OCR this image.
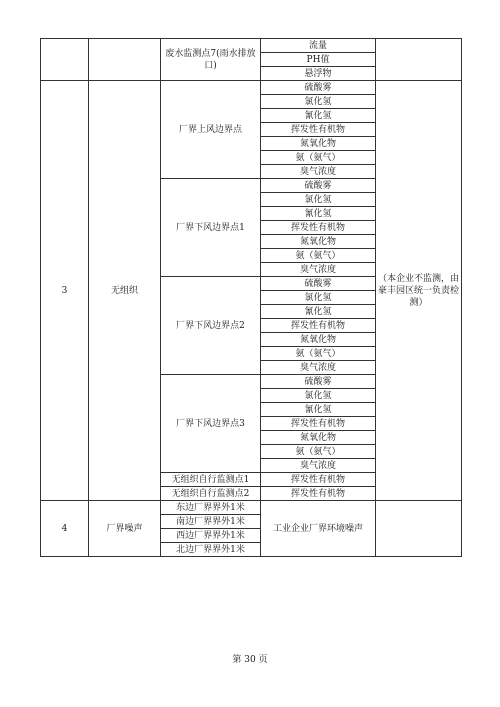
		废水监测点7(雨水排放口)	流量	
			PH值	
			悬浮物	
3	无组织	厂界上风边界点	硫酸雾	（本企业不监测，由豪丰园区统一负责检测）
			氯化氢	
			氰化氢	
			挥发性有机物	
			氮氧化物	
			氨（氨气）	
			臭气浓度	
		厂界下风边界点1	硫酸雾	
			氯化氢	
			氰化氢	
			挥发性有机物	
			氮氧化物	
			氨（氨气）	
			臭气浓度	
		厂界下风边界点2	硫酸雾	
			氯化氢	
			氰化氢	
			挥发性有机物	
			氮氧化物	
			氨（氨气）	
			臭气浓度	
		厂界下风边界点3	硫酸雾	
			氯化氢	
			氰化氢	
			挥发性有机物	
			氮氧化物	
			氨（氨气）	
			臭气浓度	
		无组织自行监测点1	挥发性有机物	
		无组织自行监测点2	挥发性有机物	
4	厂界噪声	东边厂界界外1米	工业企业厂界环境噪声	
		南边厂界界外1米		
		西边厂界界外1米		
		北边厂界界外1米		
第 30 页
